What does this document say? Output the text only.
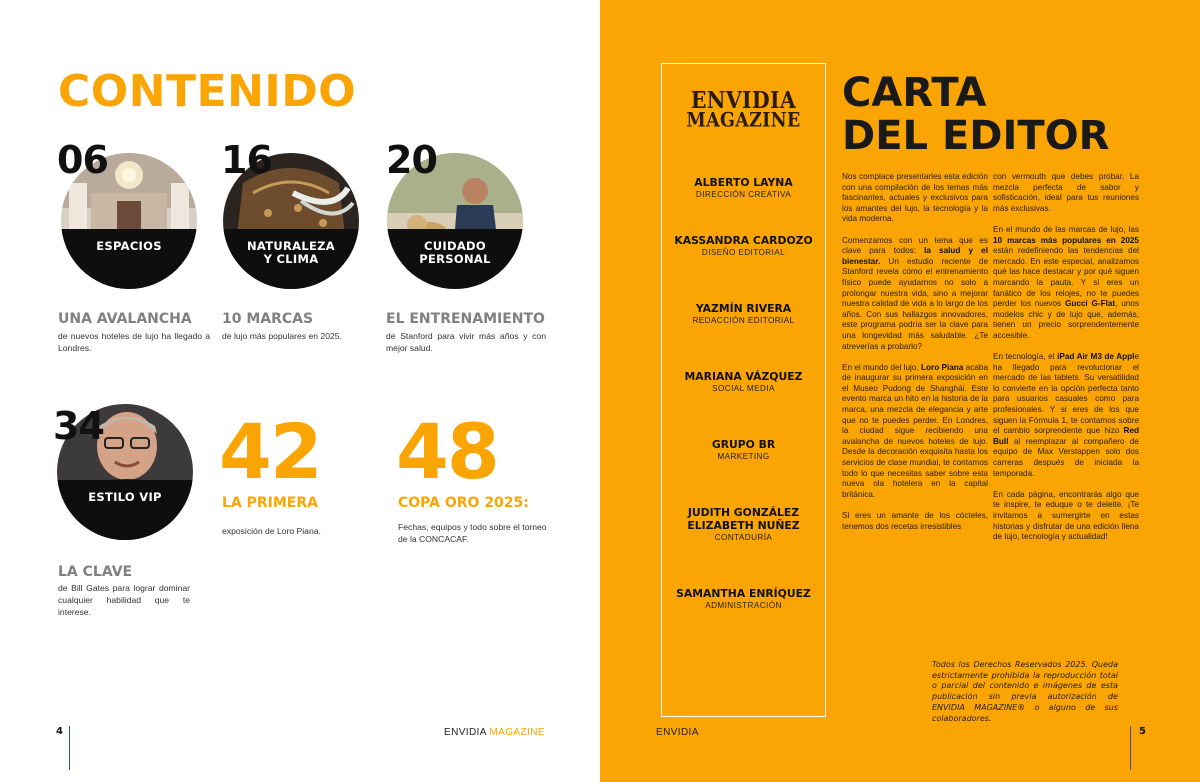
CONTENIDO
ESPACIOS
06
UNA AVALANCHA
de nuevos hoteles de lujo ha llegado a Londres.
NATURALEZA
Y CLIMA
16
10 MARCAS
de lujo más populares en 2025.
CUIDADO
PERSONAL
20
EL ENTRENAMIENTO
de Stanford para vivir más años y con mejor salud.
ESTILO VIP
34
LA CLAVE
de Bill Gates para lograr dominar cualquier habilidad que te interese.
42
LA PRIMERA
exposición de Loro Piana.
48
COPA ORO 2025:
Fechas, equipos y todo sobre el torneo de la CONCACAF.
4	ENVIDIA MAGAZINE
ENVIDIA
MAGAZINE
ALBERTO LAYNA
DIRECCIÓN CREATIVA
KASSANDRA CARDOZO
DISEÑO EDITORIAL
YAZMÍN RIVERA
REDACCIÓN EDITORIAL
MARIANA VÁZQUEZ
SOCIAL MEDIA
GRUPO BR
MARKETING
JUDITH GONZÁLEZ ELIZABETH NUÑEZ
CONTADURÍA
SAMANTHA ENRÍQUEZ
ADMINISTRACIÓN
CARTA
DEL EDITOR

Nos complace presentarles esta edición con una compilación de los temas más fascinantes, actuales y exclusivos para los amantes del lujo, la tecnología y la vida moderna.

Comenzamos con un tema que es clave para todos: la salud y el bienestar. Un estudio reciente de Stanford revela cómo el entrenamiento físico puede ayudarnos no solo a prolongar nuestra vida, sino a mejorar nuestra calidad de vida a lo largo de los años. Con sus hallazgos innovadores, este programa podría ser la clave para una longevidad más saludable. ¿Te atreverías a probarlo?

En el mundo del lujo, Loro Piana acaba de inaugurar su primera exposición en el Museo Pudong de Shanghái. Este evento marca un hito en la historia de la marca, una mezcla de elegancia y arte que no te puedes perder. En Londres, la ciudad sigue recibiendo una avalancha de nuevos hoteles de lujo. Desde la decoración exquisita hasta los servicios de clase mundial, te contamos todo lo que necesitas saber sobre esta nueva ola hotelera en la capital británica.

Si eres un amante de los cócteles, tenemos dos recetas irresistibles

con vermouth que debes probar. La mezcla perfecta de sabor y sofisticación, ideal para tus reuniones más exclusivas.

En el mundo de las marcas de lujo, las 10 marcas más populares en 2025 están redefiniendo las tendencias del mercado. En este especial, analizamos qué las hace destacar y por qué siguen marcando la pauta. Y si eres un fanático de los relojes, no te puedes perder los nuevos Gucci G-Flat, unos modelos chic y de lujo que, además, tienen un precio sorprendentemente accesible.

En tecnología, el iPad Air M3 de Apple ha llegado para revolucionar el mercado de las tablets. Su versatilidad lo convierte en la opción perfecta tanto para usuarios casuales como para profesionales. Y si eres de los que siguen la Fórmula 1, te contamos sobre el cambio sorprendente que hizo Red Bull al reemplazar al compañero de equipo de Max Verstappen solo dos carreras después de iniciada la temporada.

En cada página, encontrarás algo que te inspire, te eduque o te deleite. ¡Te invitamos a sumergirte en estas historias y disfrutar de una edición llena de lujo, tecnología y actualidad!

Todos los Derechos Reservados 2025. Queda estrictamente prohibida la reproducción total o parcial del contenido e imágenes de esta publicación sin previa autorización de ENVIDIA MAGAZINE® o alguno de sus colaboradores.
ENVIDIA MAGAZINE	5
